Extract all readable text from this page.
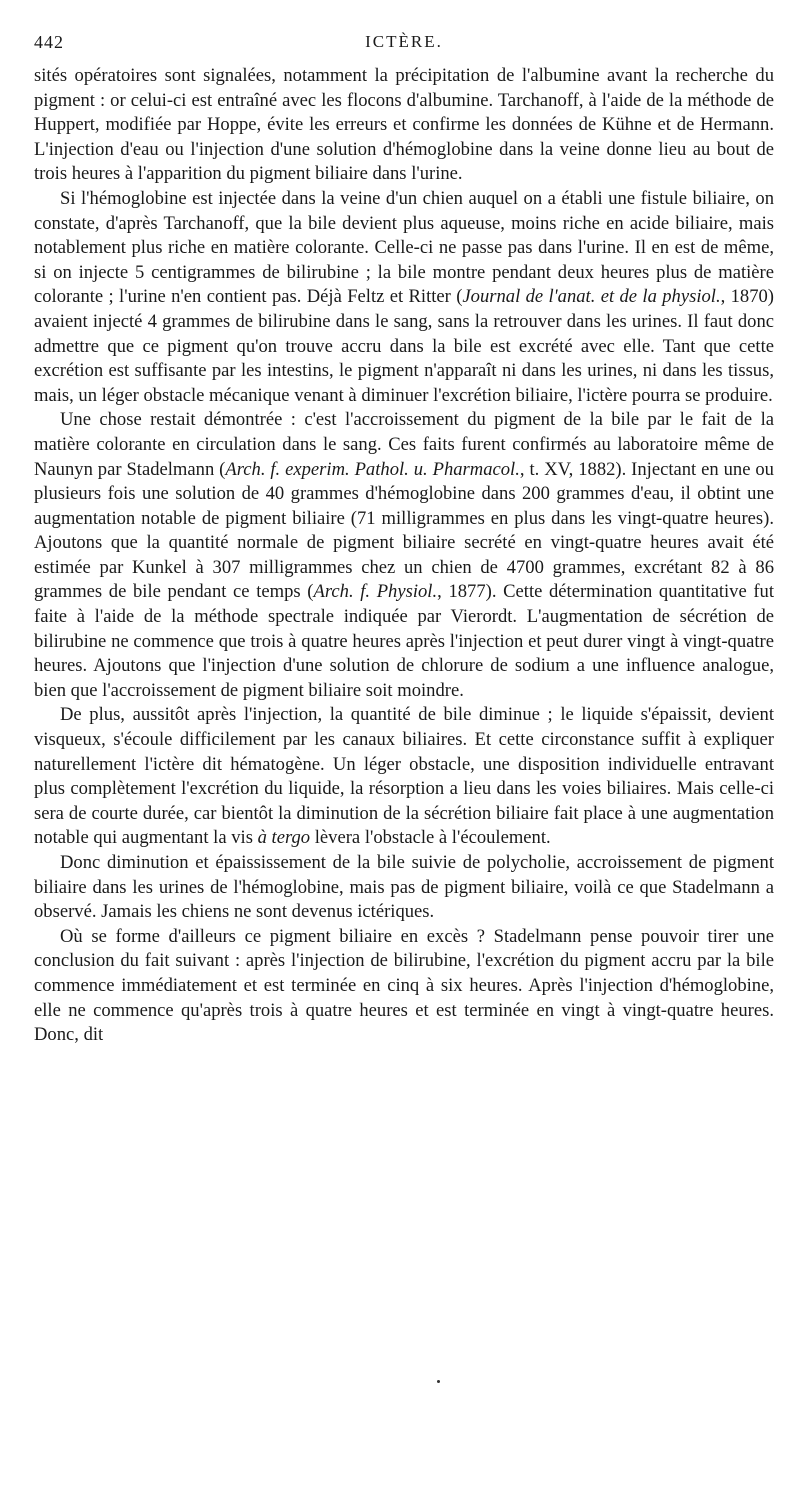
442	ICTÈRE.

sités opératoires sont signalées, notamment la précipitation de l'albumine avant la recherche du pigment : or celui-ci est entraîné avec les flocons d'albumine. Tarchanoff, à l'aide de la méthode de Huppert, modifiée par Hoppe, évite les erreurs et confirme les données de Kühne et de Hermann. L'injection d'eau ou l'injection d'une solution d'hémoglobine dans la veine donne lieu au bout de trois heures à l'apparition du pigment biliaire dans l'urine.

Si l'hémoglobine est injectée dans la veine d'un chien auquel on a établi une fistule biliaire, on constate, d'après Tarchanoff, que la bile devient plus aqueuse, moins riche en acide biliaire, mais notablement plus riche en matière colorante. Celle-ci ne passe pas dans l'urine. Il en est de même, si on injecte 5 centigrammes de bilirubine ; la bile montre pendant deux heures plus de matière colorante ; l'urine n'en contient pas. Déjà Feltz et Ritter (Journal de l'anat. et de la physiol., 1870) avaient injecté 4 grammes de bilirubine dans le sang, sans la retrouver dans les urines. Il faut donc admettre que ce pigment qu'on trouve accru dans la bile est excrété avec elle. Tant que cette excrétion est suffisante par les intestins, le pigment n'apparaît ni dans les urines, ni dans les tissus, mais, un léger obstacle mécanique venant à diminuer l'excrétion biliaire, l'ictère pourra se produire.

Une chose restait démontrée : c'est l'accroissement du pigment de la bile par le fait de la matière colorante en circulation dans le sang. Ces faits furent confirmés au laboratoire même de Naunyn par Stadelmann (Arch. f. experim. Pathol. u. Pharmacol., t. XV, 1882). Injectant en une ou plusieurs fois une solution de 40 grammes d'hémoglobine dans 200 grammes d'eau, il obtint une augmentation notable de pigment biliaire (71 milligrammes en plus dans les vingt-quatre heures). Ajoutons que la quantité normale de pigment biliaire secrété en vingt-quatre heures avait été estimée par Kunkel à 307 milligrammes chez un chien de 4700 grammes, excrétant 82 à 86 grammes de bile pendant ce temps (Arch. f. Physiol., 1877). Cette détermination quantitative fut faite à l'aide de la méthode spectrale indiquée par Vierordt. L'augmentation de sécrétion de bilirubine ne commence que trois à quatre heures après l'injection et peut durer vingt à vingt-quatre heures. Ajoutons que l'injection d'une solution de chlorure de sodium a une influence analogue, bien que l'accroissement de pigment biliaire soit moindre.

De plus, aussitôt après l'injection, la quantité de bile diminue ; le liquide s'épaissit, devient visqueux, s'écoule difficilement par les canaux biliaires. Et cette circonstance suffit à expliquer naturellement l'ictère dit hématogène. Un léger obstacle, une disposition individuelle entravant plus complètement l'excrétion du liquide, la résorption a lieu dans les voies biliaires. Mais celle-ci sera de courte durée, car bientôt la diminution de la sécrétion biliaire fait place à une augmentation notable qui augmentant la vis à tergo lèvera l'obstacle à l'écoulement.

Donc diminution et épaississement de la bile suivie de polycholie, accroissement de pigment biliaire dans les urines de l'hémoglobine, mais pas de pigment biliaire, voilà ce que Stadelmann a observé. Jamais les chiens ne sont devenus ictériques.

Où se forme d'ailleurs ce pigment biliaire en excès ? Stadelmann pense pouvoir tirer une conclusion du fait suivant : après l'injection de bilirubine, l'excrétion du pigment accru par la bile commence immédiatement et est terminée en cinq à six heures. Après l'injection d'hémoglobine, elle ne commence qu'après trois à quatre heures et est terminée en vingt à vingt-quatre heures. Donc, dit
